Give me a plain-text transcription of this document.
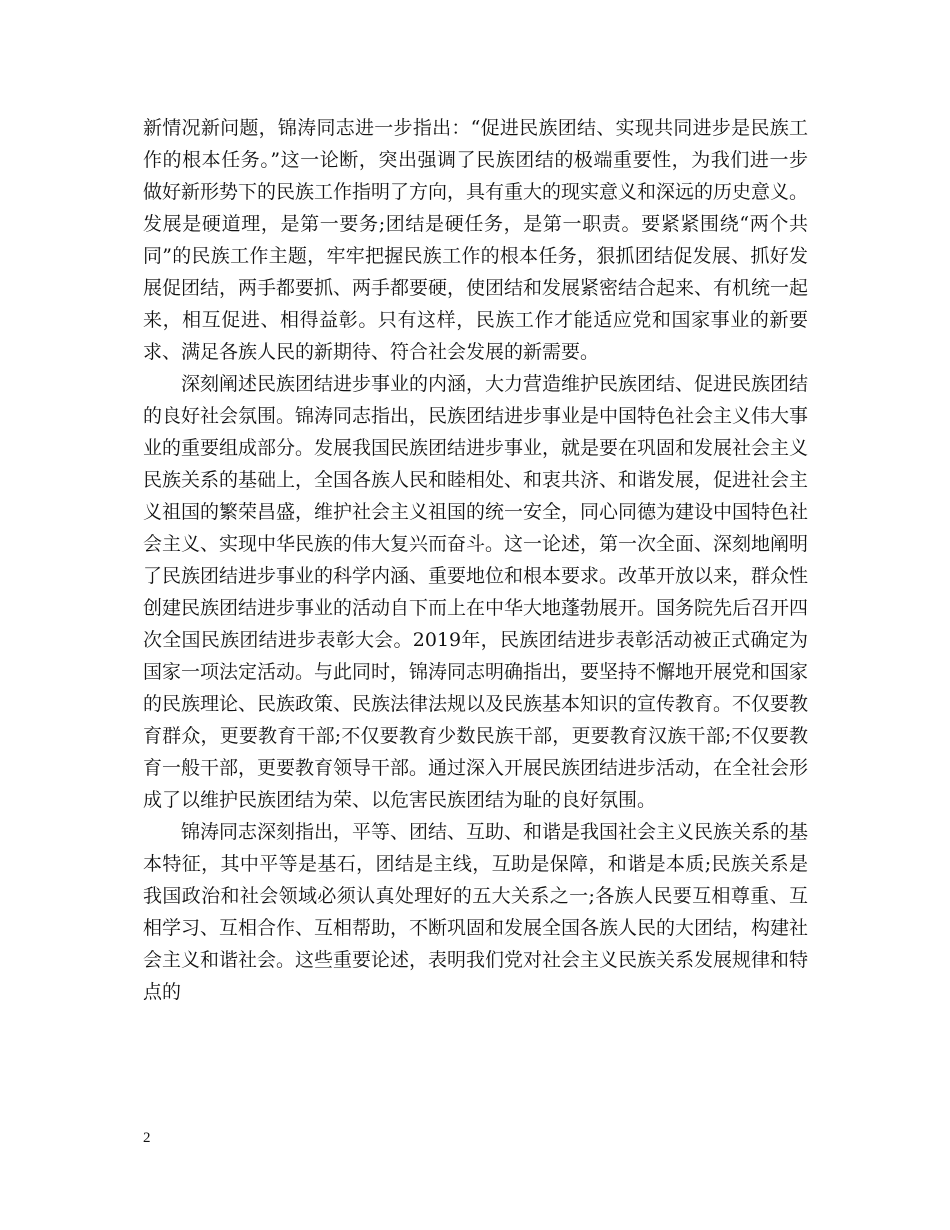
新情况新问题，锦涛同志进一步指出：“促进民族团结、实现共同进步是民族工作的根本任务。”这一论断，突出强调了民族团结的极端重要性，为我们进一步做好新形势下的民族工作指明了方向，具有重大的现实意义和深远的历史意义。发展是硬道理，是第一要务;团结是硬任务，是第一职责。要紧紧围绕“两个共同”的民族工作主题，牢牢把握民族工作的根本任务，狠抓团结促发展、抓好发展促团结，两手都要抓、两手都要硬，使团结和发展紧密结合起来、有机统一起来，相互促进、相得益彰。只有这样，民族工作才能适应党和国家事业的新要求、满足各族人民的新期待、符合社会发展的新需要。

深刻阐述民族团结进步事业的内涵，大力营造维护民族团结、促进民族团结的良好社会氛围。锦涛同志指出，民族团结进步事业是中国特色社会主义伟大事业的重要组成部分。发展我国民族团结进步事业，就是要在巩固和发展社会主义民族关系的基础上，全国各族人民和睦相处、和衷共济、和谐发展，促进社会主义祖国的繁荣昌盛，维护社会主义祖国的统一安全，同心同德为建设中国特色社会主义、实现中华民族的伟大复兴而奋斗。这一论述，第一次全面、深刻地阐明了民族团结进步事业的科学内涵、重要地位和根本要求。改革开放以来，群众性创建民族团结进步事业的活动自下而上在中华大地蓬勃展开。国务院先后召开四次全国民族团结进步表彰大会。2019年，民族团结进步表彰活动被正式确定为国家一项法定活动。与此同时，锦涛同志明确指出，要坚持不懈地开展党和国家的民族理论、民族政策、民族法律法规以及民族基本知识的宣传教育。不仅要教育群众，更要教育干部;不仅要教育少数民族干部，更要教育汉族干部;不仅要教育一般干部，更要教育领导干部。通过深入开展民族团结进步活动，在全社会形成了以维护民族团结为荣、以危害民族团结为耻的良好氛围。

锦涛同志深刻指出，平等、团结、互助、和谐是我国社会主义民族关系的基本特征，其中平等是基石，团结是主线，互助是保障，和谐是本质;民族关系是我国政治和社会领域必须认真处理好的五大关系之一;各族人民要互相尊重、互相学习、互相合作、互相帮助，不断巩固和发展全国各族人民的大团结，构建社会主义和谐社会。这些重要论述，表明我们党对社会主义民族关系发展规律和特点的

2
